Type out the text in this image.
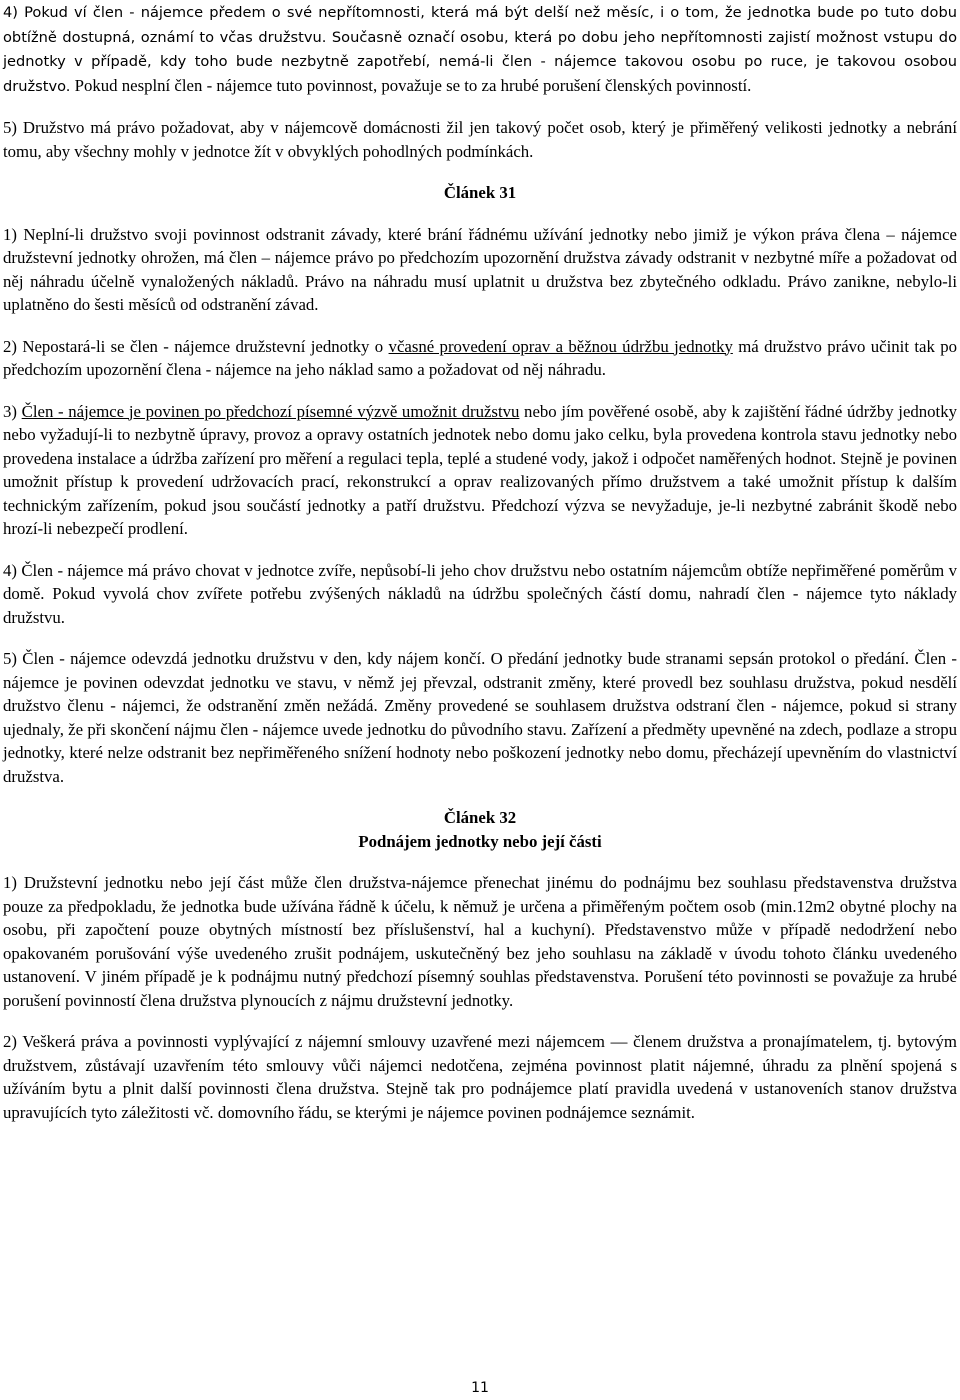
4) Pokud ví člen - nájemce předem o své nepřítomnosti, která má být delší než měsíc, i o tom, že jednotka bude po tuto dobu obtížně dostupná, oznámí to včas družstvu. Současně označí osobu, která po dobu jeho nepřítomnosti zajistí možnost vstupu do jednotky v případě, kdy toho bude nezbytně zapotřebí, nemá-li člen - nájemce takovou osobu po ruce, je takovou osobou družstvo. Pokud nesplní člen - nájemce tuto povinnost, považuje se to za hrubé porušení členských povinností.

5) Družstvo má právo požadovat, aby v nájemcově domácnosti žil jen takový počet osob, který je přiměřený velikosti jednotky a nebrání tomu, aby všechny mohly v jednotce žít v obvyklých pohodlných podmínkách.

Článek 31

1) Neplní-li družstvo svoji povinnost odstranit závady, které brání řádnému užívání jednotky nebo jimiž je výkon práva člena – nájemce družstevní jednotky ohrožen, má člen – nájemce právo po předchozím upozornění družstva závady odstranit v nezbytné míře a požadovat od něj náhradu účelně vynaložených nákladů. Právo na náhradu musí uplatnit u družstva bez zbytečného odkladu. Právo zanikne, nebylo-li uplatněno do šesti měsíců od odstranění závad.

2) Nepostará-li se člen - nájemce družstevní jednotky o včasné provedení oprav a běžnou údržbu jednotky má družstvo právo učinit tak po předchozím upozornění člena - nájemce na jeho náklad samo a požadovat od něj náhradu.

3) Člen - nájemce je povinen po předchozí písemné výzvě umožnit družstvu nebo jím pověřené osobě, aby k zajištění řádné údržby jednotky nebo vyžadují-li to nezbytně úpravy, provoz a opravy ostatních jednotek nebo domu jako celku, byla provedena kontrola stavu jednotky nebo provedena instalace a údržba zařízení pro měření a regulaci tepla, teplé a studené vody, jakož i odpočet naměřených hodnot. Stejně je povinen umožnit přístup k provedení udržovacích prací, rekonstrukcí a oprav realizovaných přímo družstvem a také umožnit přístup k dalším technickým zařízením, pokud jsou součástí jednotky a patří družstvu. Předchozí výzva se nevyžaduje, je-li nezbytné zabránit škodě nebo hrozí-li nebezpečí prodlení.

4) Člen - nájemce má právo chovat v jednotce zvíře, nepůsobí-li jeho chov družstvu nebo ostatním nájemcům obtíže nepřiměřené poměrům v domě. Pokud vyvolá chov zvířete potřebu zvýšených nákladů na údržbu společných částí domu, nahradí člen - nájemce tyto náklady družstvu.

5) Člen - nájemce odevzdá jednotku družstvu v den, kdy nájem končí. O předání jednotky bude stranami sepsán protokol o předání. Člen - nájemce je povinen odevzdat jednotku ve stavu, v němž jej převzal, odstranit změny, které provedl bez souhlasu družstva, pokud nesdělí družstvo členu - nájemci, že odstranění změn nežádá. Změny provedené se souhlasem družstva odstraní člen - nájemce, pokud si strany ujednaly, že při skončení nájmu člen - nájemce uvede jednotku do původního stavu. Zařízení a předměty upevněné na zdech, podlaze a stropu jednotky, které nelze odstranit bez nepřiměřeného snížení hodnoty nebo poškození jednotky nebo domu, přecházejí upevněním do vlastnictví družstva.

Článek 32
Podnájem jednotky nebo její části

1) Družstevní jednotku nebo její část může člen družstva-nájemce přenechat jinému do podnájmu bez souhlasu představenstva družstva pouze za předpokladu, že jednotka bude užívána řádně k účelu, k němuž je určena a přiměřeným počtem osob (min.12m2 obytné plochy na osobu, při započtení pouze obytných místností bez příslušenství, hal a kuchyní). Představenstvo může v případě nedodržení nebo opakovaném porušování výše uvedeného zrušit podnájem, uskutečněný bez jeho souhlasu na základě v úvodu tohoto článku uvedeného ustanovení. V jiném případě je k podnájmu nutný předchozí písemný souhlas představenstva. Porušení této povinnosti se považuje za hrubé porušení povinností člena družstva plynoucích z nájmu družstevní jednotky.

2) Veškerá práva a povinnosti vyplývající z nájemní smlouvy uzavřené mezi nájemcem — členem družstva a pronajímatelem, tj. bytovým družstvem, zůstávají uzavřením této smlouvy vůči nájemci nedotčena, zejména povinnost platit nájemné, úhradu za plnění spojená s užíváním bytu a plnit další povinnosti člena družstva. Stejně tak pro podnájemce platí pravidla uvedená v ustanoveních stanov družstva upravujících tyto záležitosti vč. domovního řádu, se kterými je nájemce povinen podnájemce seznámit.

11
